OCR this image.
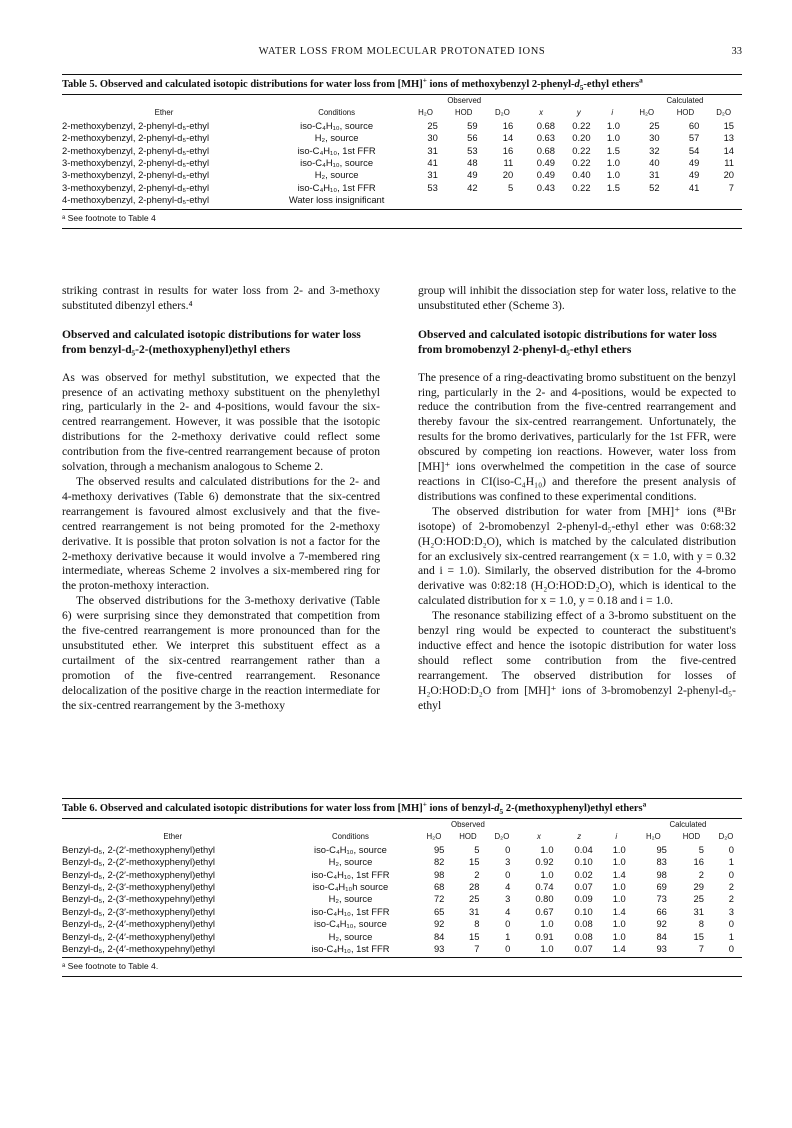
WATER LOSS FROM MOLECULAR PROTONATED IONS	33
Table 5. Observed and calculated isotopic distributions for water loss from [MH]+ ions of methoxybenzyl $2-phenyl-d_5$-ethyl ethers$^a$
		Observed						Calculated		
Ether	Conditions	H₂O	HOD	D₂O	x	y	i	H₂O	HOD	D₂O
2-methoxybenzyl, 2-phenyl-d₅-ethyl	iso-C₄H₁₀, source	25	59	16	0.68	0.22	1.0	25	60	15
2-methoxybenzyl, 2-phenyl-d₅-ethyl	H₂, source	30	56	14	0.63	0.20	1.0	30	57	13
2-methoxybenzyl, 2-phenyl-d₅-ethyl	iso-C₄H₁₀, 1st FFR	31	53	16	0.68	0.22	1.5	32	54	14
3-methoxybenzyl, 2-phenyl-d₅-ethyl	iso-C₄H₁₀, source	41	48	11	0.49	0.22	1.0	40	49	11
3-methoxybenzyl, 2-phenyl-d₅-ethyl	H₂, source	31	49	20	0.49	0.40	1.0	31	49	20
3-methoxybenzyl, 2-phenyl-d₅-ethyl	iso-C₄H₁₀, 1st FFR	53	42	5	0.43	0.22	1.5	52	41	7
4-methoxybenzyl, 2-phenyl-d₅-ethyl	Water loss insignificant									
ᵃ See footnote to Table 4

striking contrast in results for water loss from 2- and 3-methoxy substituted dibenzyl ethers.⁴

Observed and calculated isotopic distributions for water loss from benzyl-d₅-2-(methoxyphenyl)ethyl ethers

As was observed for methyl substitution, we expected that the presence of an activating methoxy substituent on the phenylethyl ring, particularly in the 2- and 4-positions, would favour the six-centred rearrangement. However, it was possible that the isotopic distributions for the 2-methoxy derivative could reflect some contribution from the five-centred rearrangement because of proton solvation, through a mechanism analogous to Scheme 2.

The observed results and calculated distributions for the 2- and 4-methoxy derivatives (Table 6) demonstrate that the six-centred rearrangement is favoured almost exclusively and that the five-centred rearrangement is not being promoted for the 2-methoxy derivative. It is possible that proton solvation is not a factor for the 2-methoxy derivative because it would involve a 7-membered ring intermediate, whereas Scheme 2 involves a six-membered ring for the proton-methoxy interaction.

The observed distributions for the 3-methoxy derivative (Table 6) were surprising since they demonstrated that competition from the five-centred rearrangement is more pronounced than for the unsubstituted ether. We interpret this substituent effect as a curtailment of the six-centred rearrangement rather than a promotion of the five-centred rearrangement. Resonance delocalization of the positive charge in the reaction intermediate for the six-centred rearrangement by the 3-methoxy

group will inhibit the dissociation step for water loss, relative to the unsubstituted ether (Scheme 3).

Observed and calculated isotopic distributions for water loss from bromobenzyl 2-phenyl-d₅-ethyl ethers

The presence of a ring-deactivating bromo substituent on the benzyl ring, particularly in the 2- and 4-positions, would be expected to reduce the contribution from the five-centred rearrangement and thereby favour the six-centred rearrangement. Unfortunately, the results for the bromo derivatives, particularly for the 1st FFR, were obscured by competing ion reactions. However, water loss from [MH]⁺ ions overwhelmed the competition in the case of source reactions in CI(iso-C₄H₁₀) and therefore the present analysis of distributions was confined to these experimental conditions.

The observed distribution for water from [MH]⁺ ions (⁸¹Br isotope) of 2-bromobenzyl 2-phenyl-d₅-ethyl ether was 0:68:32 (H₂O:HOD:D₂O), which is matched by the calculated distribution for an exclusively six-centred rearrangement (x = 1.0, with y = 0.32 and i = 1.0). Similarly, the observed distribution for the 4-bromo derivative was 0:82:18 (H₂O:HOD:D₂O), which is identical to the calculated distribution for x = 1.0, y = 0.18 and i = 1.0.

The resonance stabilizing effect of a 3-bromo substituent on the benzyl ring would be expected to counteract the substituent's inductive effect and hence the isotopic distribution for water loss should reflect some contribution from the five-centred rearrangement. The observed distribution for losses of H₂O:HOD:D₂O from [MH]⁺ ions of 3-bromobenzyl 2-phenyl-d₅-ethyl

Table 6. Observed and calculated isotopic distributions for water loss from [MH]+ ions of benzyl-$d_5$ 2-(methoxyphenyl)ethyl ethers$^a$
		Observed						Calculated		
Ether	Conditions	H₂O	HOD	D₂O	x	z	i	H₂O	HOD	D₂O
Benzyl-d₅, 2-(2′-methoxyphenyl)ethyl	iso-C₄H₁₀, source	95	5	0	1.0	0.04	1.0	95	5	0
Benzyl-d₅, 2-(2′-methoxyphenyl)ethyl	H₂, source	82	15	3	0.92	0.10	1.0	83	16	1
Benzyl-d₅, 2-(2′-methoxyphenyl)ethyl	iso-C₄H₁₀, 1st FFR	98	2	0	1.0	0.02	1.4	98	2	0
Benzyl-d₅, 2-(3′-methoxyphenyl)ethyl	iso-C₄H₁₀h source	68	28	4	0.74	0.07	1.0	69	29	2
Benzyl-d₅, 2-(3′-methoxypehnyl)ethyl	H₂, source	72	25	3	0.80	0.09	1.0	73	25	2
Benzyl-d₅, 2-(3′-methoxyphenyl)ethyl	iso-C₄H₁₀, 1st FFR	65	31	4	0.67	0.10	1.4	66	31	3
Benzyl-d₅, 2-(4′-methoxyphenyl)ethyl	iso-C₄H₁₀, source	92	8	0	1.0	0.08	1.0	92	8	0
Benzyl-d₅, 2-(4′-methoxyphenyl)ethyl	H₂, source	84	15	1	0.91	0.08	1.0	84	15	1
Benzyl-d₅, 2-(4′-methoxypehnyl)ethyl	iso-C₄H₁₀, 1st FFR	93	7	0	1.0	0.07	1.4	93	7	0
ᵃ See footnote to Table 4.
